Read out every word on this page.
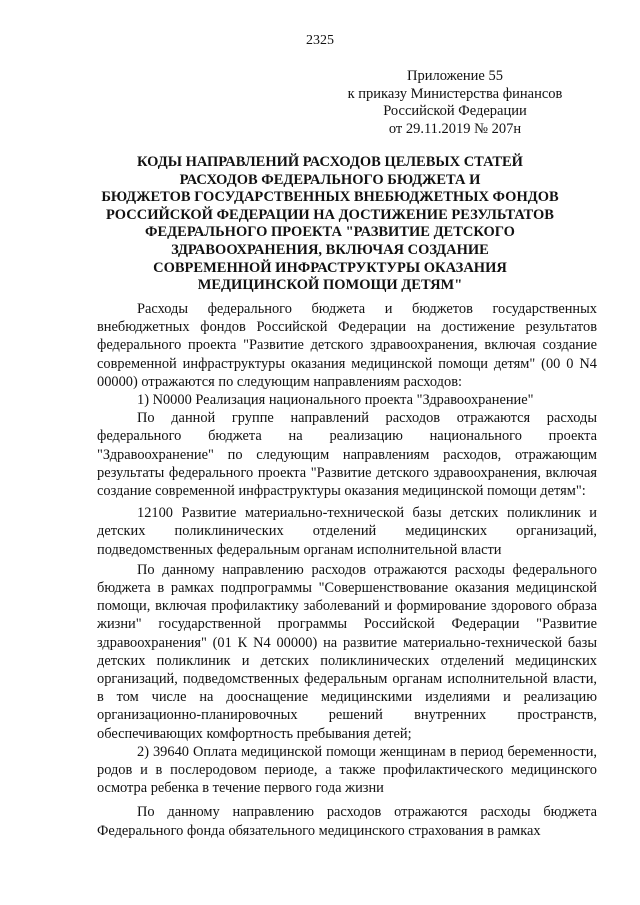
2325
Приложение 55
к приказу Министерства финансов
Российской Федерации
от 29.11.2019 № 207н
КОДЫ НАПРАВЛЕНИЙ РАСХОДОВ ЦЕЛЕВЫХ СТАТЕЙ
РАСХОДОВ ФЕДЕРАЛЬНОГО БЮДЖЕТА И
БЮДЖЕТОВ ГОСУДАРСТВЕННЫХ ВНЕБЮДЖЕТНЫХ ФОНДОВ
РОССИЙСКОЙ ФЕДЕРАЦИИ НА ДОСТИЖЕНИЕ РЕЗУЛЬТАТОВ
ФЕДЕРАЛЬНОГО ПРОЕКТА "РАЗВИТИЕ ДЕТСКОГО
ЗДРАВООХРАНЕНИЯ, ВКЛЮЧАЯ СОЗДАНИЕ
СОВРЕМЕННОЙ ИНФРАСТРУКТУРЫ ОКАЗАНИЯ
МЕДИЦИНСКОЙ ПОМОЩИ ДЕТЯМ"

Расходы федерального бюджета и бюджетов государственных внебюджетных фондов Российской Федерации на достижение результатов федерального проекта "Развитие детского здравоохранения, включая создание современной инфраструктуры оказания медицинской помощи детям" (00 0 N4 00000) отражаются по следующим направлениям расходов:

1) N0000 Реализация национального проекта "Здравоохранение"

По данной группе направлений расходов отражаются расходы федерального бюджета на реализацию национального проекта "Здравоохранение" по следующим направлениям расходов, отражающим результаты федерального проекта "Развитие детского здравоохранения, включая создание современной инфраструктуры оказания медицинской помощи детям":

12100 Развитие материально-технической базы детских поликлиник и детских поликлинических отделений медицинских организаций, подведомственных федеральным органам исполнительной власти

По данному направлению расходов отражаются расходы федерального бюджета в рамках подпрограммы "Совершенствование оказания медицинской помощи, включая профилактику заболеваний и формирование здорового образа жизни" государственной программы Российской Федерации "Развитие здравоохранения" (01 К N4 00000) на развитие материально-технической базы детских поликлиник и детских поликлинических отделений медицинских организаций, подведомственных федеральным органам исполнительной власти, в том числе на дооснащение медицинскими изделиями и реализацию организационно-планировочных решений внутренних пространств, обеспечивающих комфортность пребывания детей;

2) 39640 Оплата медицинской помощи женщинам в период беременности, родов и в послеродовом периоде, а также профилактического медицинского осмотра ребенка в течение первого года жизни

По данному направлению расходов отражаются расходы бюджета Федерального фонда обязательного медицинского страхования в рамках
